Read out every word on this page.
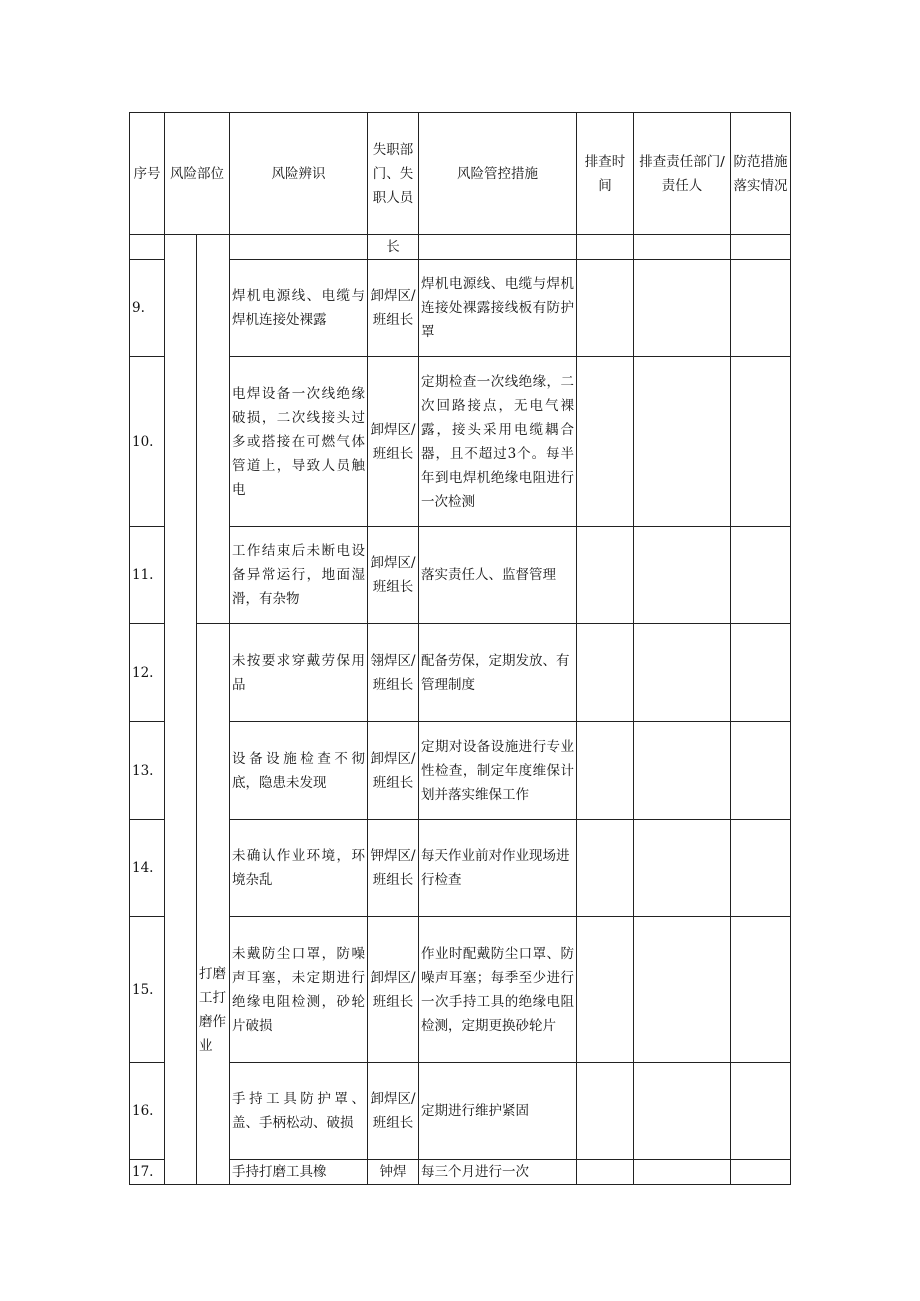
序号	风险部位		风险辨识	失职部门、失职人员	风险管控措施	排查时间	排查责任部门/责任人	防范措施落实情况
				长				
9.			焊机电源线、电缆与焊机连接处裸露	卸焊区/班组长	焊机电源线、电缆与焊机连接处裸露接线板有防护罩			
10.			电焊设备一次线绝缘破损，二次线接头过多或搭接在可燃气体管道上，导致人员触电	卸焊区/班组长	定期检查一次线绝缘，二次回路接点，无电气裸露，接头采用电缆耦合器，且不超过3个。每半年到电焊机绝缘电阻进行一次检测			
11.			工作结束后未断电设备异常运行，地面湿滑，有杂物	卸焊区/班组长	落实责任人、监督管理			
12.		打磨工打磨作业	未按要求穿戴劳保用品	翎焊区/班组长	配备劳保，定期发放、有管理制度			
13.			设备设施检查不彻底，隐患未发现	卸焊区/班组长	定期对设备设施进行专业性检查，制定年度维保计划并落实维保工作			
14.			未确认作业环境，环境杂乱	钾焊区/班组长	每天作业前对作业现场进行检查			
15.			未戴防尘口罩，防噪声耳塞，未定期进行绝缘电阻检测，砂轮片破损	卸焊区/班组长	作业时配戴防尘口罩、防噪声耳塞；每季至少进行一次手持工具的绝缘电阻检测，定期更换砂轮片			
16.			手持工具防护罩、盖、手柄松动、破损	卸焊区/班组长	定期进行维护紧固			
17.			手持打磨工具橡	钟焊	每三个月进行一次			
